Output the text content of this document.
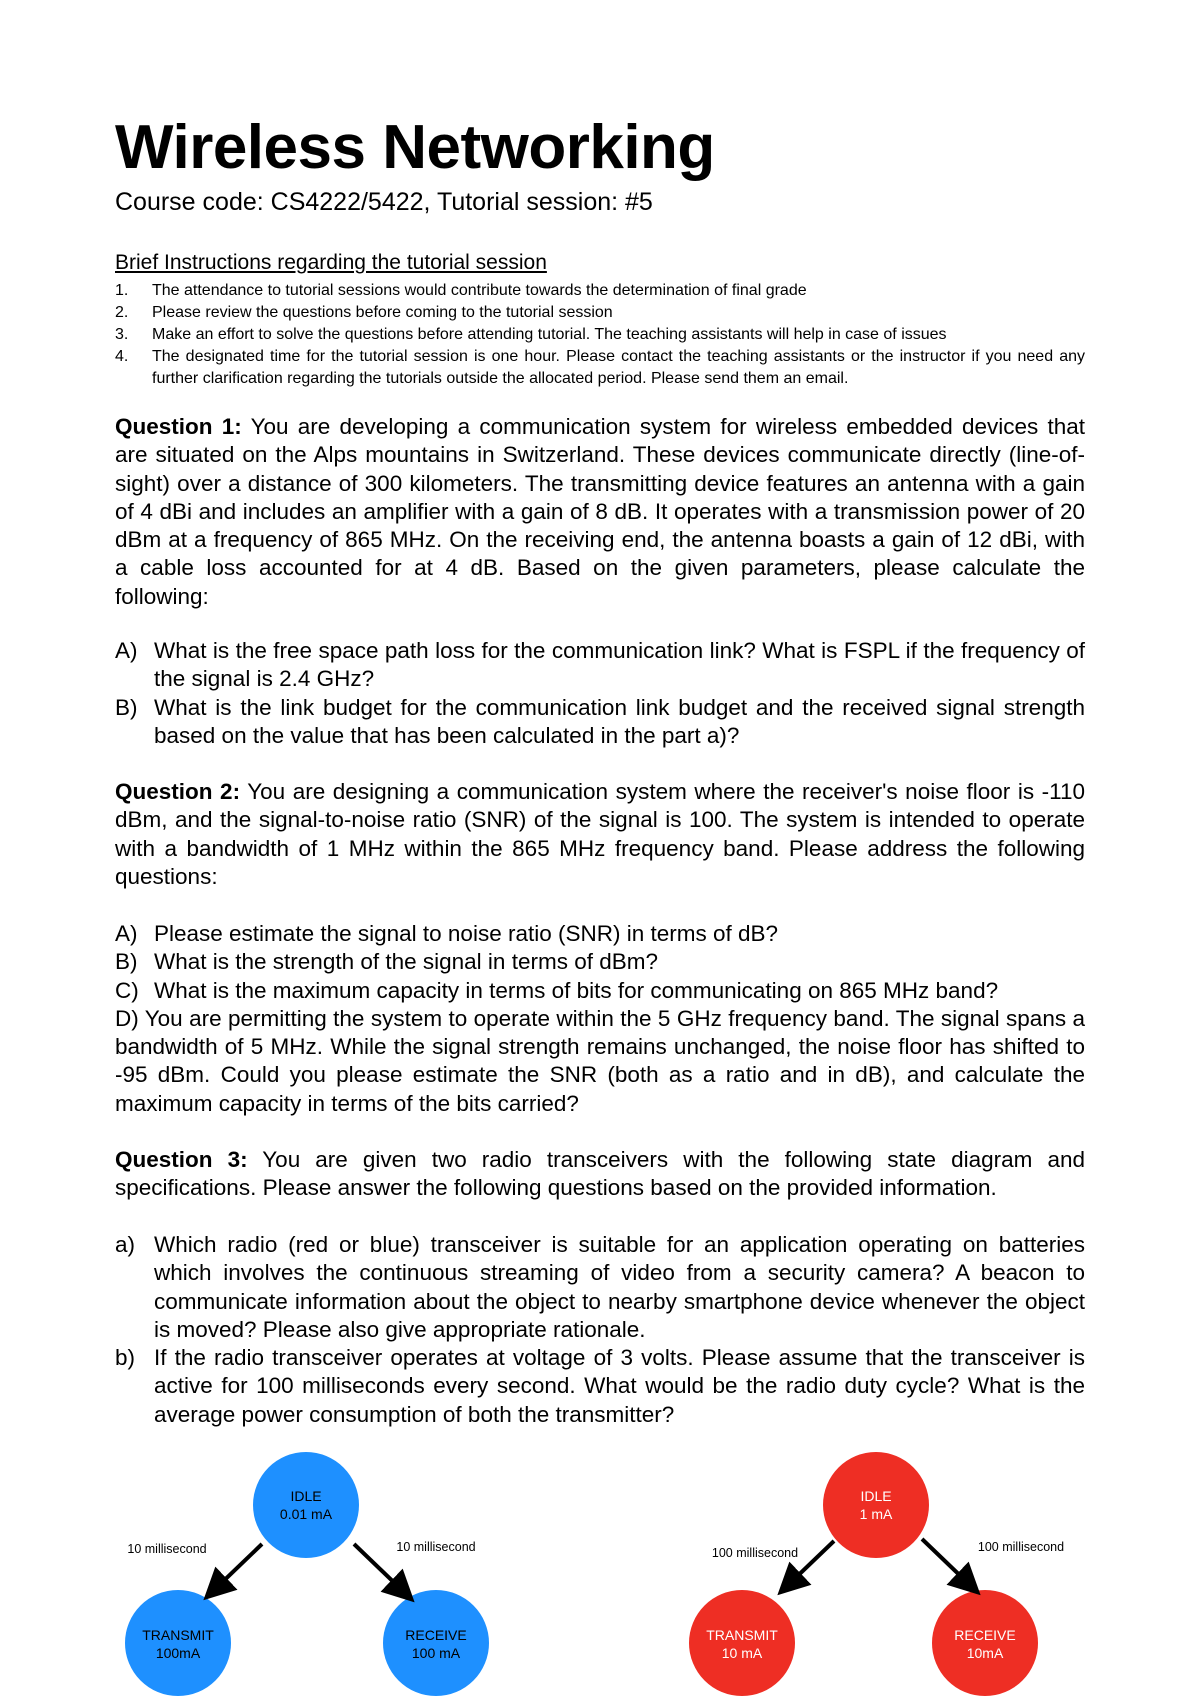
Wireless Networking
Course code: CS4222/5422, Tutorial session: #5
Brief Instructions regarding the tutorial session
1. The attendance to tutorial sessions would contribute towards the determination of final grade
2. Please review the questions before coming to the tutorial session
3. Make an effort to solve the questions before attending tutorial. The teaching assistants will help in case of issues
4. The designated time for the tutorial session is one hour. Please contact the teaching assistants or the instructor if you need any further clarification regarding the tutorials outside the allocated period. Please send them an email.

Question 1: You are developing a communication system for wireless embedded devices that are situated on the Alps mountains in Switzerland. These devices communicate directly (line-of-sight) over a distance of 300 kilometers. The transmitting device features an antenna with a gain of 4 dBi and includes an amplifier with a gain of 8 dB. It operates with a transmission power of 20 dBm at a frequency of 865 MHz. On the receiving end, the antenna boasts a gain of 12 dBi, with a cable loss accounted for at 4 dB. Based on the given parameters, please calculate the following:

A) What is the free space path loss for the communication link? What is FSPL if the frequency of the signal is 2.4 GHz?
B) What is the link budget for the communication link budget and the received signal strength based on the value that has been calculated in the part a)?

Question 2: You are designing a communication system where the receiver's noise floor is -110 dBm, and the signal-to-noise ratio (SNR) of the signal is 100. The system is intended to operate with a bandwidth of 1 MHz within the 865 MHz frequency band. Please address the following questions:

A) Please estimate the signal to noise ratio (SNR) in terms of dB?
B) What is the strength of the signal in terms of dBm?
C) What is the maximum capacity in terms of bits for communicating on 865 MHz band?
D) You are permitting the system to operate within the 5 GHz frequency band. The signal spans a bandwidth of 5 MHz. While the signal strength remains unchanged, the noise floor has shifted to -95 dBm. Could you please estimate the SNR (both as a ratio and in dB), and calculate the maximum capacity in terms of the bits carried?

Question 3: You are given two radio transceivers with the following state diagram and specifications. Please answer the following questions based on the provided information.

a) Which radio (red or blue) transceiver is suitable for an application operating on batteries which involves the continuous streaming of video from a security camera? A beacon to communicate information about the object to nearby smartphone device whenever the object is moved? Please also give appropriate rationale.
b) If the radio transceiver operates at voltage of 3 volts. Please assume that the transceiver is active for 100 milliseconds every second. What would be the radio duty cycle? What is the average power consumption of both the transmitter?
IDLE
0.01 mA
TRANSMIT
100mA
RECEIVE
100 mA
10 millisecond	10 millisecond
IDLE
1 mA
TRANSMIT
10 mA
RECEIVE
10mA
100 millisecond	100 millisecond
